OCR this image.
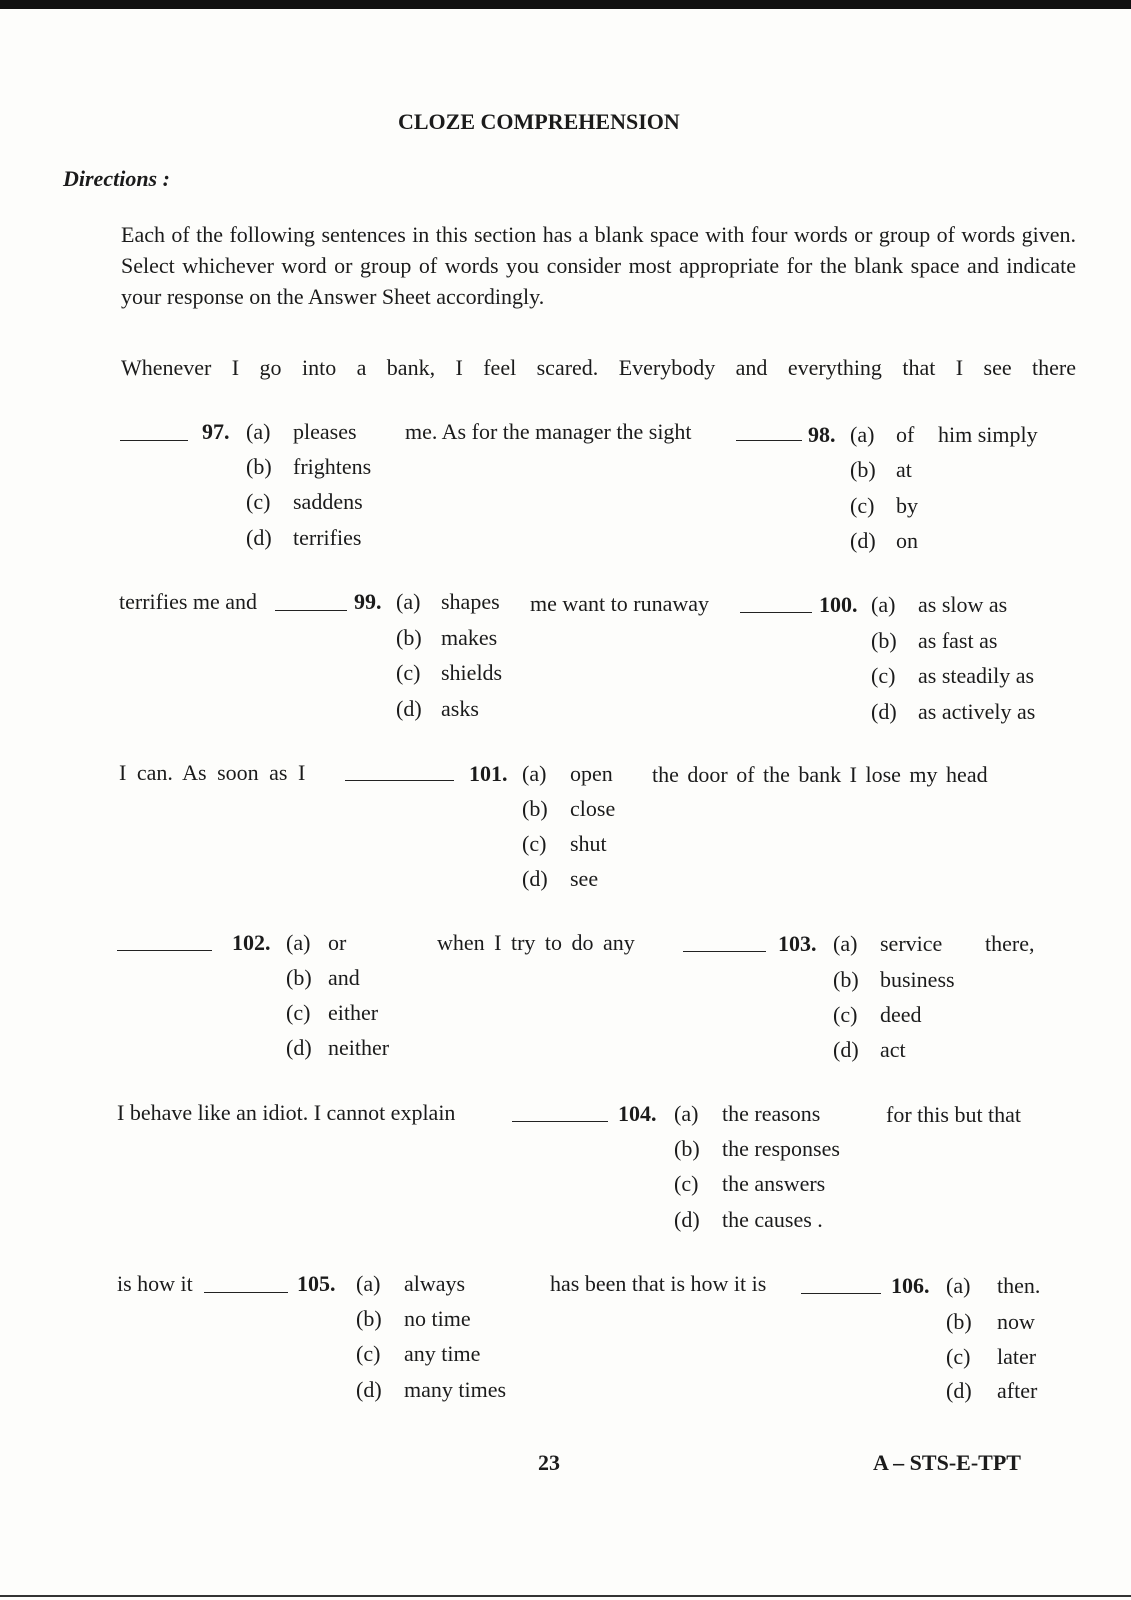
CLOZE COMPREHENSION
Directions :
Each of the following sentences in this section has a blank space with four words or group of words given. Select whichever word or group of words you consider most appropriate for the blank space and indicate your response on the Answer Sheet accordingly.
Whenever I go into a bank, I feel scared. Everybody and everything that I see there
97. (a) pleases
(b) frightens
(c) saddens
(d) terrifies
me. As for the manager the sight	98. (a) of him simply
(b) at
(c) by
(d) on
terrifies me and	99. (a) shapes
(b) makes
(c) shields
(d) asks
me want to runaway	100. (a) as slow as
(b) as fast as
(c) as steadily as
(d) as actively as
I can. As soon as I	101. (a) open
(b) close
(c) shut
(d) see
the door of the bank I lose my head
102. (a) or
(b) and
(c) either
(d) neither
when I try to do any	103. (a) service
(b) business
(c) deed
(d) act
there,
I behave like an idiot. I cannot explain	104. (a) the reasons
(b) the responses
(c) the answers
(d) the causes .
for this but that
is how it	105. (a) always
(b) no time
(c) any time
(d) many times
has been that is how it is	106. (a) then.
(b) now
(c) later
(d) after
23	A – STS-E-TPT
